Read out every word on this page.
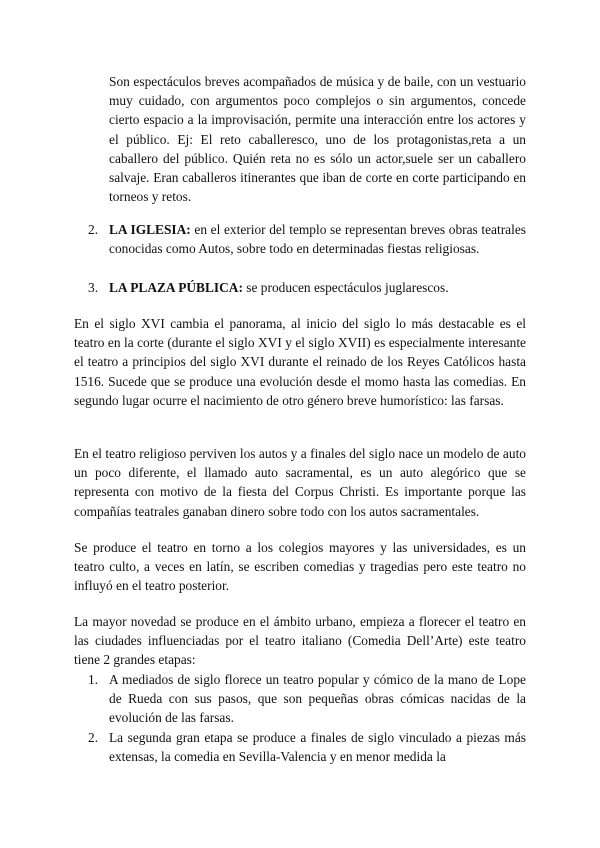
Son espectáculos breves acompañados de música y de baile, con un vestuario muy cuidado, con argumentos poco complejos o sin argumentos, concede cierto espacio a la improvisación, permite una interacción entre los actores y el público. Ej: El reto caballeresco, uno de los protagonistas,reta a un caballero del público. Quién reta no es sólo un actor,suele ser un caballero salvaje. Eran caballeros itinerantes que iban de corte en corte participando en torneos y retos.

2. LA IGLESIA: en el exterior del templo se representan breves obras teatrales conocidas como Autos, sobre todo en determinadas fiestas religiosas.

3. LA PLAZA PÚBLICA: se producen espectáculos juglarescos.

En el siglo XVI cambia el panorama, al inicio del siglo lo más destacable es el teatro en la corte (durante el siglo XVI y el siglo XVII) es especialmente interesante el teatro a principios del siglo XVI durante el reinado de los Reyes Católicos hasta 1516. Sucede que se produce una evolución desde el momo hasta las comedias. En segundo lugar ocurre el nacimiento de otro género breve humorístico: las farsas.

En el teatro religioso perviven los autos y a finales del siglo nace un modelo de auto un poco diferente, el llamado auto sacramental, es un auto alegórico que se representa con motivo de la fiesta del Corpus Christi. Es importante porque las compañías teatrales ganaban dinero sobre todo con los autos sacramentales.

Se produce el teatro en torno a los colegios mayores y las universidades, es un teatro culto, a veces en latín, se escriben comedias y tragedias pero este teatro no influyó en el teatro posterior.

La mayor novedad se produce en el ámbito urbano, empieza a florecer el teatro en las ciudades influenciadas por el teatro italiano (Comedia Dell’Arte) este teatro tiene 2 grandes etapas:

1. A mediados de siglo florece un teatro popular y cómico de la mano de Lope de Rueda con sus pasos, que son pequeñas obras cómicas nacidas de la evolución de las farsas.

2. La segunda gran etapa se produce a finales de siglo vinculado a piezas más extensas, la comedia en Sevilla-Valencia y en menor medida la
